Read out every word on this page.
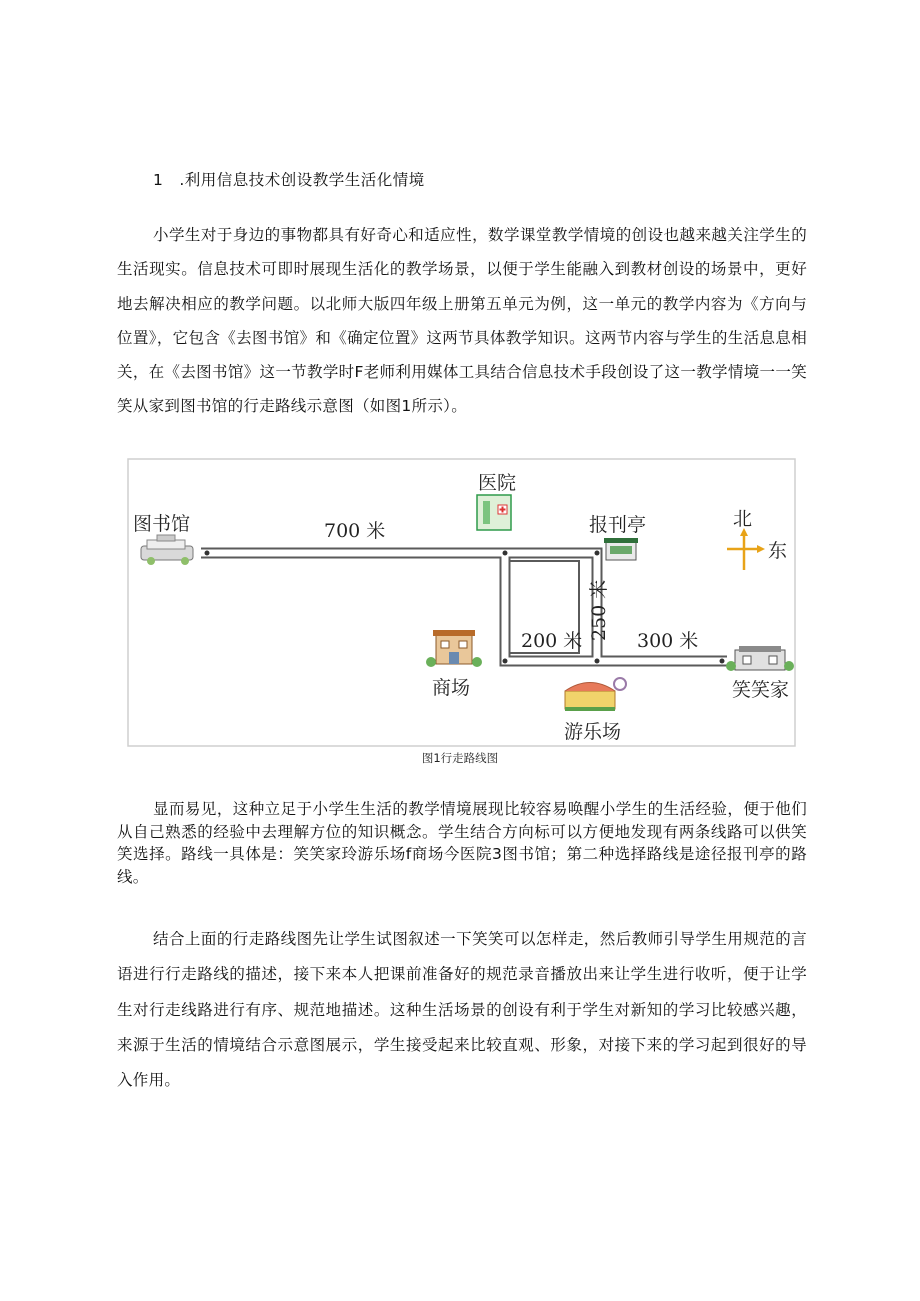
1　.利用信息技术创设教学生活化情境

小学生对于身边的事物都具有好奇心和适应性，数学课堂教学情境的创设也越来越关注学生的生活现实。信息技术可即时展现生活化的教学场景，以便于学生能融入到教材创设的场景中，更好地去解决相应的教学问题。以北师大版四年级上册第五单元为例，这一单元的教学内容为《方向与位置》，它包含《去图书馆》和《确定位置》这两节具体教学知识。这两节内容与学生的生活息息相关，在《去图书馆》这一节教学时F老师利用媒体工具结合信息技术手段创设了这一教学情境一一笑笑从家到图书馆的行走路线示意图（如图1所示）。

图书馆
医院
报刊亭
商场
游乐场
笑笑家
北
东
700 米
200 米	300 米
250 米
图1行走路线图

显而易见，这种立足于小学生生活的教学情境展现比较容易唤醒小学生的生活经验，便于他们从自己熟悉的经验中去理解方位的知识概念。学生结合方向标可以方便地发现有两条线路可以供笑笑选择。路线一具体是：笑笑家玲游乐场f商场今医院3图书馆；第二种选择路线是途径报刊亭的路线。

结合上面的行走路线图先让学生试图叙述一下笑笑可以怎样走，然后教师引导学生用规范的言语进行行走路线的描述，接下来本人把课前准备好的规范录音播放出来让学生进行收听，便于让学生对行走线路进行有序、规范地描述。这种生活场景的创设有利于学生对新知的学习比较感兴趣，来源于生活的情境结合示意图展示，学生接受起来比较直观、形象，对接下来的学习起到很好的导入作用。
